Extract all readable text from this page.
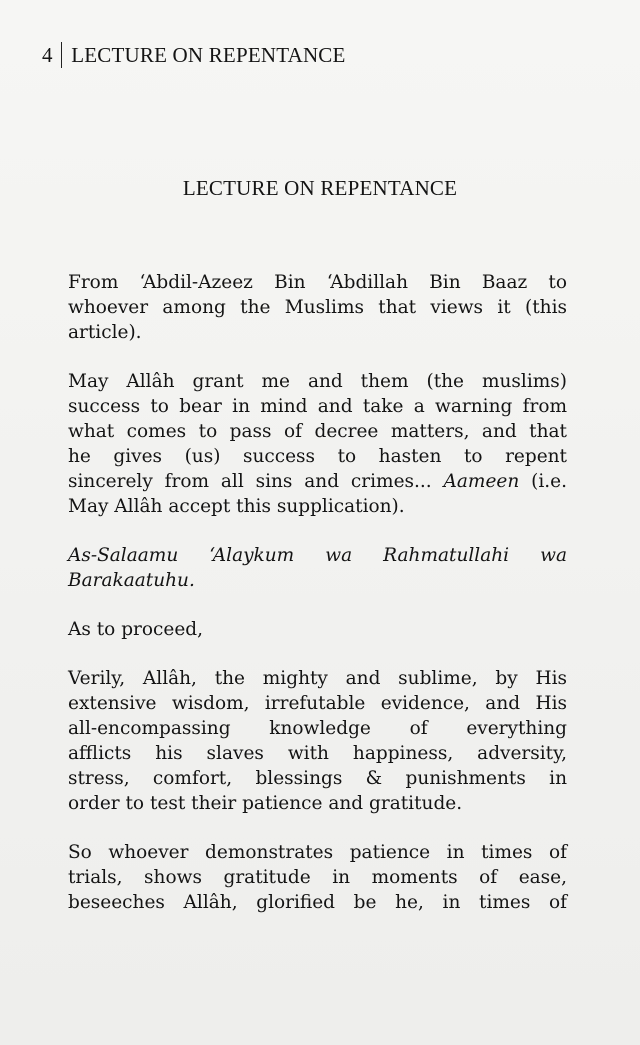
4 LECTURE ON REPENTANCE
LECTURE ON REPENTANCE
From ‘Abdil-Azeez Bin ‘Abdillah Bin Baaz to
whoever among the Muslims that views it (this
article).
May Allâh grant me and them (the muslims)
success to bear in mind and take a warning from
what comes to pass of decree matters, and that
he gives (us) success to hasten to repent
sincerely from all sins and crimes... Aameen (i.e.
May Allâh accept this supplication).
As-Salaamu ‘Alaykum wa Rahmatullahi wa
Barakaatuhu.
As to proceed,
Verily, Allâh, the mighty and sublime, by His
extensive wisdom, irrefutable evidence, and His
all-encompassing knowledge of everything
afflicts his slaves with happiness, adversity,
stress, comfort, blessings & punishments in
order to test their patience and gratitude.
So whoever demonstrates patience in times of
trials, shows gratitude in moments of ease,
beseeches Allâh, glorified be he, in times of
